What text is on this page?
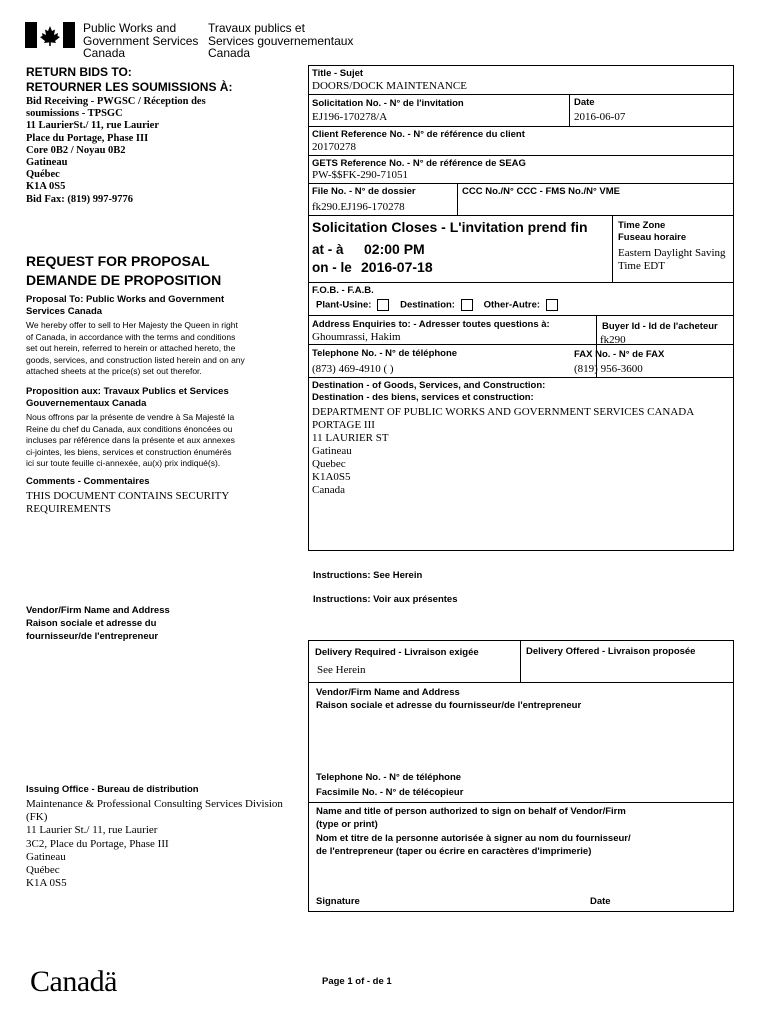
Public Works and
Government Services
Canada
Travaux publics et
Services gouvernementaux
Canada
RETURN BIDS TO:
RETOURNER LES SOUMISSIONS À:
Bid Receiving - PWGSC / Réception des
soumissions - TPSGC
11 LaurierSt./ 11, rue Laurier
Place du Portage, Phase III
Core 0B2 / Noyau 0B2
Gatineau
Québec
K1A 0S5
Bid Fax: (819) 997-9776
REQUEST FOR PROPOSAL
DEMANDE DE PROPOSITION
Proposal To: Public Works and Government
Services Canada
We hereby offer to sell to Her Majesty the Queen in right
of Canada, in accordance with the terms and conditions
set out herein, referred to herein or attached hereto, the
goods, services, and construction listed herein and on any
attached sheets at the price(s) set out therefor.
Proposition aux: Travaux Publics et Services
Gouvernementaux Canada
Nous offrons par la présente de vendre à Sa Majesté la
Reine du chef du Canada, aux conditions énoncées ou
incluses par référence dans la présente et aux annexes
ci-jointes, les biens, services et construction énumérés
ici sur toute feuille ci-annexée, au(x) prix indiqué(s).
Comments - Commentaires
THIS DOCUMENT CONTAINS SECURITY
REQUIREMENTS
Vendor/Firm Name and Address
Raison sociale et adresse du
fournisseur/de l'entrepreneur
Issuing Office - Bureau de distribution
Maintenance & Professional Consulting Services Division
(FK)
11 Laurier St./ 11, rue Laurier
3C2, Place du Portage, Phase III
Gatineau
Québec
K1A 0S5
Title - Sujet
DOORS/DOCK MAINTENANCE
Solicitation No. - N° de l'invitation
EJ196-170278/A
Date
2016-06-07
Client Reference No. - N° de référence du client
20170278
GETS Reference No. - N° de référence de SEAG
PW-$$FK-290-71051
File No. - N° de dossier
fk290.EJ196-170278
CCC No./N° CCC - FMS No./N° VME
Solicitation Closes - L'invitation prend fin
at - à 02:00 PM
on - le 2016-07-18
Time Zone
Fuseau horaire
Eastern Daylight Saving
Time EDT
F.O.B. - F.A.B.
Plant-Usine:	Destination:	Other-Autre:
Address Enquiries to: - Adresser toutes questions à:
Ghoumrassi, Hakim
Buyer Id - Id de l'acheteur
fk290
Telephone No. - N° de téléphone
(873) 469-4910 ( )
FAX No. - N° de FAX
(819) 956-3600
Destination - of Goods, Services, and Construction:
Destination - des biens, services et construction:
DEPARTMENT OF PUBLIC WORKS AND GOVERNMENT SERVICES CANADA
PORTAGE III
11 LAURIER ST
Gatineau
Quebec
K1A0S5
Canada
Instructions: See Herein
Instructions: Voir aux présentes
Delivery Required - Livraison exigée
See Herein
Delivery Offered - Livraison proposée
Vendor/Firm Name and Address
Raison sociale et adresse du fournisseur/de l'entrepreneur
Telephone No. - N° de téléphone
Facsimile No. - N° de télécopieur
Name and title of person authorized to sign on behalf of Vendor/Firm
(type or print)
Nom et titre de la personne autorisée à signer au nom du fournisseur/
de l'entrepreneur (taper ou écrire en caractères d'imprimerie)
Signature	Date
Canadä	Page 1 of - de 1
